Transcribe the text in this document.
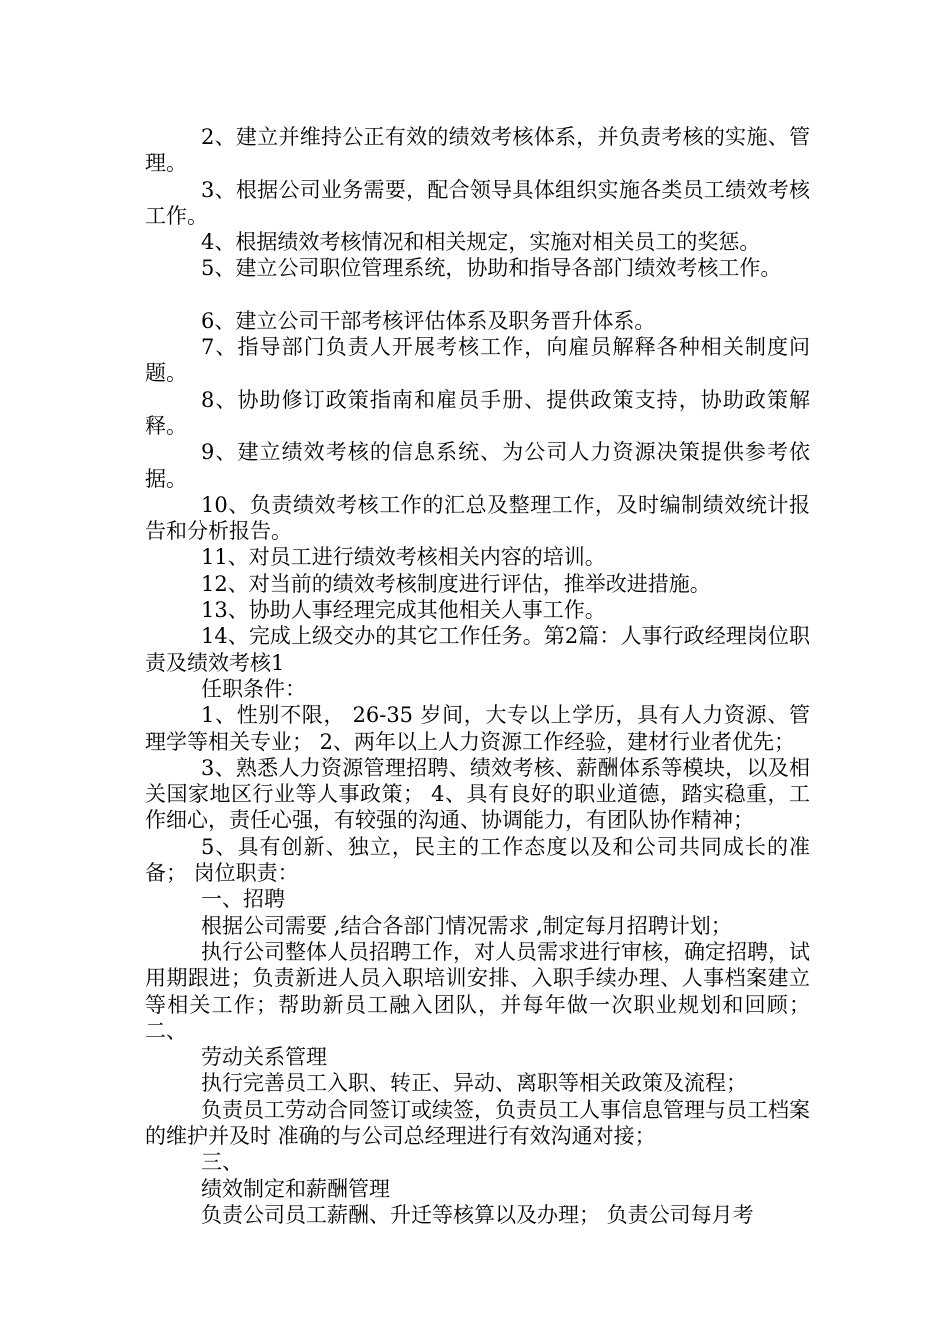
2、建立并维持公正有效的绩效考核体系，并负责考核的实施、管理。

3、根据公司业务需要，配合领导具体组织实施各类员工绩效考核工作。

4、根据绩效考核情况和相关规定，实施对相关员工的奖惩。

5、建立公司职位管理系统，协助和指导各部门绩效考核工作。

6、建立公司干部考核评估体系及职务晋升体系。

7、指导部门负责人开展考核工作，向雇员解释各种相关制度问题。

8、协助修订政策指南和雇员手册、提供政策支持，协助政策解释。

9、建立绩效考核的信息系统、为公司人力资源决策提供参考依据。

10、负责绩效考核工作的汇总及整理工作，及时编制绩效统计报告和分析报告。

11、对员工进行绩效考核相关内容的培训。

12、对当前的绩效考核制度进行评估，推举改进措施。

13、协助人事经理完成其他相关人事工作。

14、完成上级交办的其它工作任务。第2篇：人事行政经理岗位职责及绩效考核1

任职条件：

1、性别不限， 26-35 岁间，大专以上学历，具有人力资源、管理学等相关专业； 2、两年以上人力资源工作经验，建材行业者优先；

3、熟悉人力资源管理招聘、绩效考核、薪酬体系等模块，以及相关国家地区行业等人事政策； 4、具有良好的职业道德，踏实稳重，工作细心，责任心强，有较强的沟通、协调能力，有团队协作精神；

5、具有创新、独立，民主的工作态度以及和公司共同成长的准备； 岗位职责：

一、招聘

根据公司需要 ,结合各部门情况需求 ,制定每月招聘计划；

执行公司整体人员招聘工作，对人员需求进行审核，确定招聘，试用期跟进；负责新进人员入职培训安排、入职手续办理、人事档案建立等相关工作；帮助新员工融入团队，并每年做一次职业规划和回顾； 二、

劳动关系管理

执行完善员工入职、转正、异动、离职等相关政策及流程；

负责员工劳动合同签订或续签，负责员工人事信息管理与员工档案的维护并及时 准确的与公司总经理进行有效沟通对接；

三、

绩效制定和薪酬管理

负责公司员工薪酬、升迁等核算以及办理； 负责公司每月考
